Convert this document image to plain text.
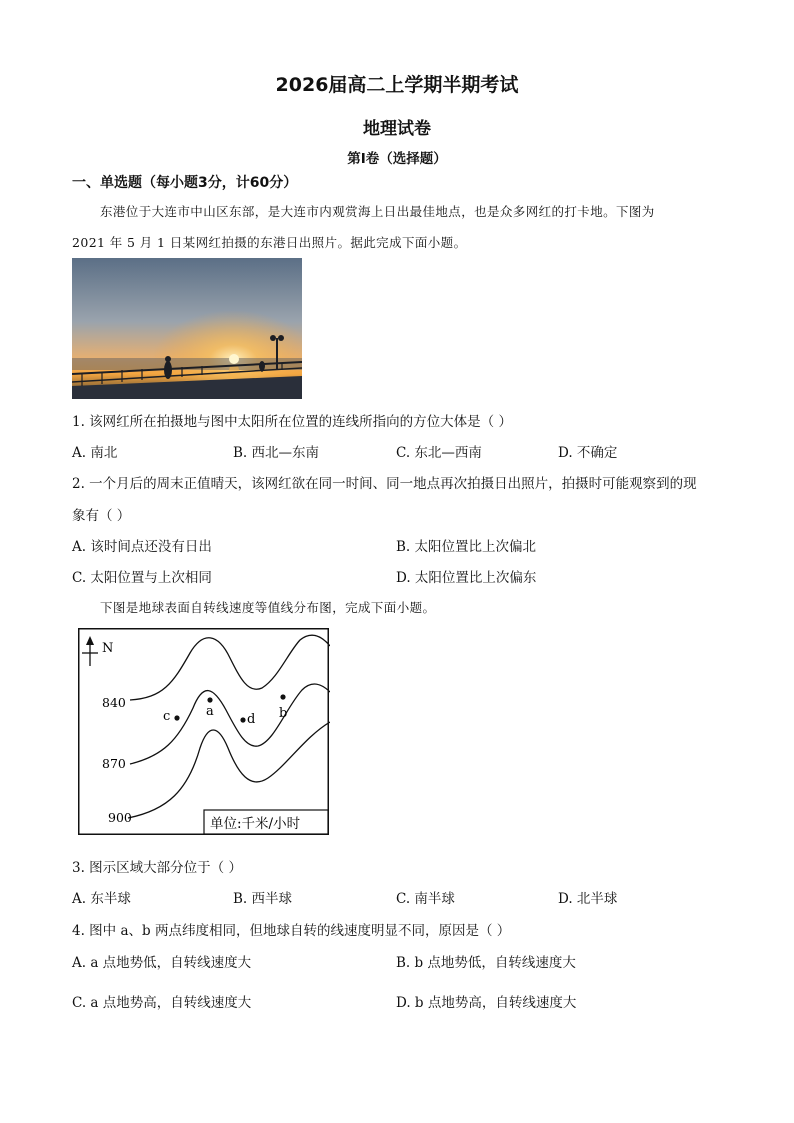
2026届高二上学期半期考试
地理试卷
第Ⅰ卷（选择题）
一、单选题（每小题3分，计60分）
东港位于大连市中山区东部，是大连市内观赏海上日出最佳地点，也是众多网红的打卡地。下图为
2021 年 5 月 1 日某网红拍摄的东港日出照片。据此完成下面小题。
1. 该网红所在拍摄地与图中太阳所在位置的连线所指向的方位大体是（ ）
A. 南北	B. 西北—东南	C. 东北—西南	D. 不确定
2. 一个月后的周末正值晴天，该网红欲在同一时间、同一地点再次拍摄日出照片，拍摄时可能观察到的现
象有（ ）
A. 该时间点还没有日出	B. 太阳位置比上次偏北
C. 太阳位置与上次相同	D. 太阳位置比上次偏东
下图是地球表面自转线速度等值线分布图，完成下面小题。
N
840
870
900
a	b
c	d
单位:千米/小时
3. 图示区域大部分位于（ ）
A. 东半球	B. 西半球	C. 南半球	D. 北半球
4. 图中 a、b 两点纬度相同，但地球自转的线速度明显不同，原因是（ ）
A. a 点地势低，自转线速度大	B. b 点地势低，自转线速度大
C. a 点地势高，自转线速度大	D. b 点地势高，自转线速度大
